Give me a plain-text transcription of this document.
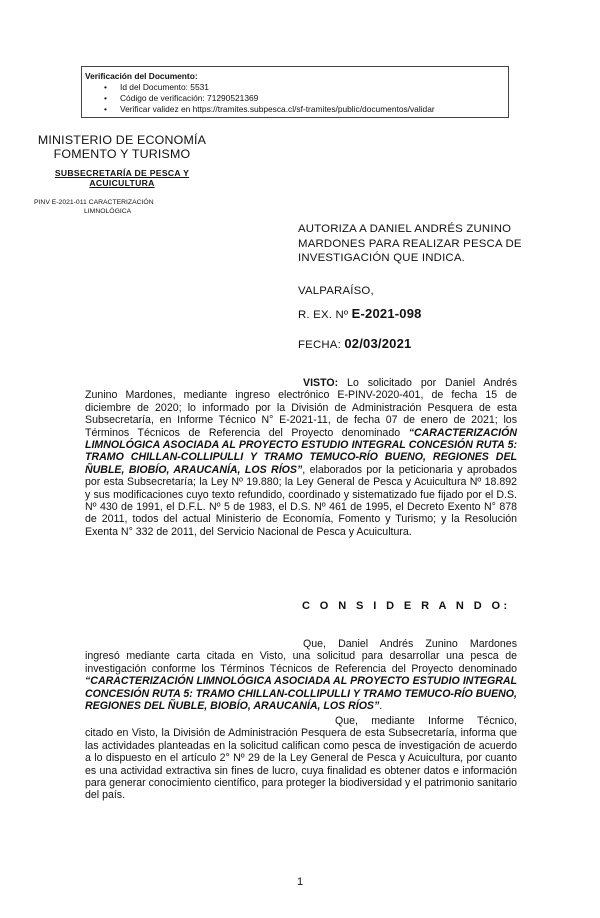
Verificación del Documento:
• Id del Documento: 5531
• Código de verificación: 71290521369
• Verificar validez en https://tramites.subpesca.cl/sf-tramites/public/documentos/validar
MINISTERIO DE ECONOMÍA
FOMENTO Y TURISMO
SUBSECRETARÍA DE PESCA Y
ACUICULTURA
PINV E-2021-011 CARACTERIZACIÓN
LIMNOLÓGICA
AUTORIZA A DANIEL ANDRÉS ZUNINO MARDONES PARA REALIZAR PESCA DE INVESTIGACIÓN QUE INDICA.
VALPARAÍSO,
R. EX. Nº E-2021-098
FECHA: 02/03/2021
VISTO: Lo solicitado por Daniel Andrés Zunino Mardones, mediante ingreso electrónico E-PINV-2020-401, de fecha 15 de diciembre de 2020; lo informado por la División de Administración Pesquera de esta Subsecretaría, en Informe Técnico N° E-2021-11, de fecha 07 de enero de 2021; los Términos Técnicos de Referencia del Proyecto denominado “CARACTERIZACIÓN LIMNOLÓGICA ASOCIADA AL PROYECTO ESTUDIO INTEGRAL CONCESIÓN RUTA 5: TRAMO CHILLAN-COLLIPULLI Y TRAMO TEMUCO-RÍO BUENO, REGIONES DEL ÑUBLE, BIOBÍO, ARAUCANÍA, LOS RÍOS”, elaborados por la peticionaria y aprobados por esta Subsecretaría; la Ley Nº 19.880; la Ley General de Pesca y Acuicultura Nº 18.892 y sus modificaciones cuyo texto refundido, coordinado y sistematizado fue fijado por el D.S. Nº 430 de 1991, el D.F.L. Nº 5 de 1983, el D.S. Nº 461 de 1995, el Decreto Exento N° 878 de 2011, todos del actual Ministerio de Economía, Fomento y Turismo; y la Resolución Exenta N° 332 de 2011, del Servicio Nacional de Pesca y Acuicultura.
C O N S I D E R A N D O:
Que, Daniel Andrés Zunino Mardones ingresó mediante carta citada en Visto, una solicitud para desarrollar una pesca de investigación conforme los Términos Técnicos de Referencia del Proyecto denominado “CARACTERIZACIÓN LIMNOLÓGICA ASOCIADA AL PROYECTO ESTUDIO INTEGRAL CONCESIÓN RUTA 5: TRAMO CHILLAN-COLLIPULLI Y TRAMO TEMUCO-RÍO BUENO, REGIONES DEL ÑUBLE, BIOBÍO, ARAUCANÍA, LOS RÍOS”.
Que, mediante Informe Técnico, citado en Visto, la División de Administración Pesquera de esta Subsecretaría, informa que las actividades planteadas en la solicitud califican como pesca de investigación de acuerdo a lo dispuesto en el artículo 2° Nº 29 de la Ley General de Pesca y Acuicultura, por cuanto es una actividad extractiva sin fines de lucro, cuya finalidad es obtener datos e información para generar conocimiento científico, para proteger la biodiversidad y el patrimonio sanitario del país.
1
